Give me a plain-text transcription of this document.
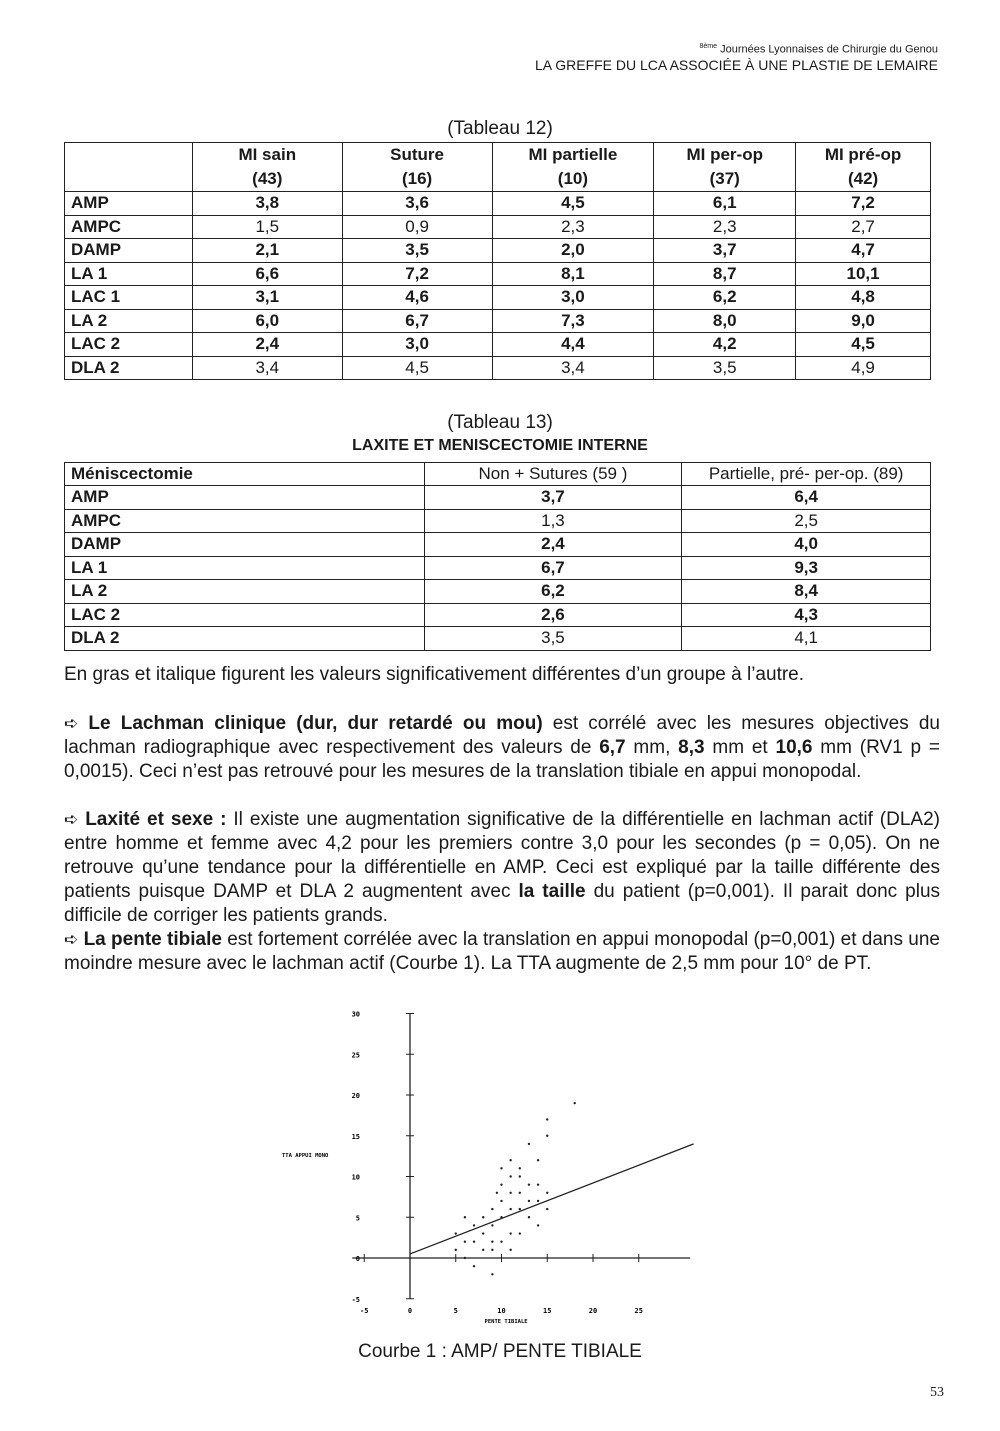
$^{8ème}$ Journées Lyonnaises de Chirurgie du Genou
LA GREFFE DU LCA ASSOCIÉE À UNE PLASTIE DE LEMAIRE
(Tableau 12)
	MI sain	Suture	MI partielle	MI per-op	MI pré-op
	(43)	(16)	(10)	(37)	(42)
AMP	3,8	3,6	4,5	6,1	7,2
AMPC	1,5	0,9	2,3	2,3	2,7
DAMP	2,1	3,5	2,0	3,7	4,7
LA 1	6,6	7,2	8,1	8,7	10,1
LAC 1	3,1	4,6	3,0	6,2	4,8
LA 2	6,0	6,7	7,3	8,0	9,0
LAC 2	2,4	3,0	4,4	4,2	4,5
DLA 2	3,4	4,5	3,4	3,5	4,9
(Tableau 13)
LAXITE ET MENISCECTOMIE INTERNE
Méniscectomie	Non + Sutures (59 )	Partielle, pré- per-op. (89)
AMP	3,7	6,4
AMPC	1,3	2,5
DAMP	2,4	4,0
LA 1	6,7	9,3
LA 2	6,2	8,4
LAC 2	2,6	4,3
DLA 2	3,5	4,1
En gras et italique figurent les valeurs significativement différentes d’un groupe à l’autre.
➪ Le Lachman clinique (dur, dur retardé ou mou) est corrélé avec les mesures objectives du lachman radiographique avec respectivement des valeurs de 6,7 mm, 8,3 mm et 10,6 mm (RV1 p = 0,0015). Ceci n’est pas retrouvé pour les mesures de la translation tibiale en appui monopodal.
➪ Laxité et sexe : Il existe une augmentation significative de la différentielle en lachman actif (DLA2) entre homme et femme avec 4,2 pour les premiers contre 3,0 pour les secondes (p = 0,05). On ne retrouve qu’une tendance pour la différentielle en AMP. Ceci est expliqué par la taille différente des patients puisque DAMP et DLA 2 augmentent avec la taille du patient (p=0,001). Il parait donc plus difficile de corriger les patients grands.
➪ La pente tibiale est fortement corrélée avec la translation en appui monopodal (p=0,001) et dans une moindre mesure avec le lachman actif (Courbe 1). La TTA augmente de 2,5 mm pour 10° de PT.
-5
0
5
10
15
20
25
30
-5	0	5	10	15	20	25
PENTE TIBIALE
TTA APPUI MONO
Courbe 1 : AMP/ PENTE TIBIALE
53
